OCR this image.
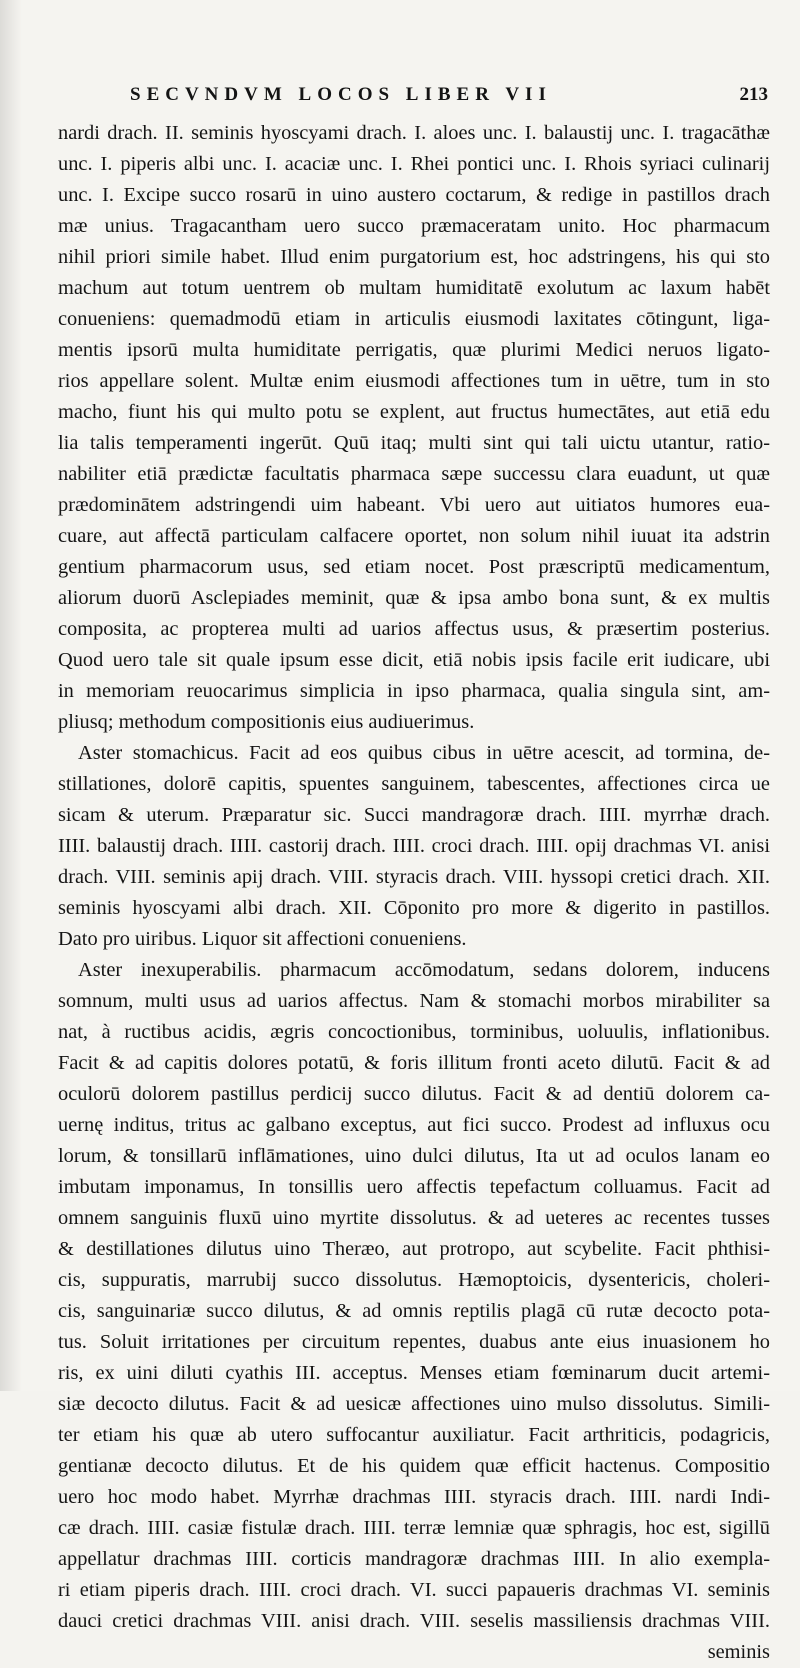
SECVNDVM LOCOS LIBER VII	213
nardi drach. II. seminis hyoscyami drach. I. aloes unc. I. balaustij unc. I. tragacāthæ
unc. I. piperis albi unc. I. acaciæ unc. I. Rhei pontici unc. I. Rhois syriaci culinarij
unc. I. Excipe succo rosarū in uino austero coctarum, & redige in pastillos drach
mæ unius. Tragacantham uero succo præmaceratam unito. Hoc pharmacum
nihil priori simile habet. Illud enim purgatorium est, hoc adstringens, his qui sto
machum aut totum uentrem ob multam humiditatē exolutum ac laxum habēt
conueniens: quemadmodū etiam in articulis eiusmodi laxitates cōtingunt, liga-
mentis ipsorū multa humiditate perrigatis, quæ plurimi Medici neruos ligato-
rios appellare solent. Multæ enim eiusmodi affectiones tum in uētre, tum in sto
macho, fiunt his qui multo potu se explent, aut fructus humectātes, aut etiā edu
lia talis temperamenti ingerūt. Quū itaq; multi sint qui tali uictu utantur, ratio-
nabiliter etiā prædictæ facultatis pharmaca sæpe successu clara euadunt, ut quæ
prædominātem adstringendi uim habeant. Vbi uero aut uitiatos humores eua-
cuare, aut affectā particulam calfacere oportet, non solum nihil iuuat ita adstrin
gentium pharmacorum usus, sed etiam nocet. Post præscriptū medicamentum,
aliorum duorū Asclepiades meminit, quæ & ipsa ambo bona sunt, & ex multis
composita, ac propterea multi ad uarios affectus usus, & præsertim posterius.
Quod uero tale sit quale ipsum esse dicit, etiā nobis ipsis facile erit iudicare, ubi
in memoriam reuocarimus simplicia in ipso pharmaca, qualia singula sint, am-
pliusq; methodum compositionis eius audiuerimus.
Aster stomachicus. Facit ad eos quibus cibus in uētre acescit, ad tormina, de-
stillationes, dolorē capitis, spuentes sanguinem, tabescentes, affectiones circa ue
sicam & uterum. Præparatur sic. Succi mandragoræ drach. IIII. myrrhæ drach.
IIII. balaustij drach. IIII. castorij drach. IIII. croci drach. IIII. opij drachmas VI. anisi
drach. VIII. seminis apij drach. VIII. styracis drach. VIII. hyssopi cretici drach. XII.
seminis hyoscyami albi drach. XII. Cōponito pro more & digerito in pastillos.
Dato pro uiribus. Liquor sit affectioni conueniens.
Aster inexuperabilis. pharmacum accōmodatum, sedans dolorem, inducens
somnum, multi usus ad uarios affectus. Nam & stomachi morbos mirabiliter sa
nat, à ructibus acidis, ægris concoctionibus, torminibus, uoluulis, inflationibus.
Facit & ad capitis dolores potatū, & foris illitum fronti aceto dilutū. Facit & ad
oculorū dolorem pastillus perdicij succo dilutus. Facit & ad dentiū dolorem ca-
uernę inditus, tritus ac galbano exceptus, aut fici succo. Prodest ad influxus ocu
lorum, & tonsillarū inflāmationes, uino dulci dilutus, Ita ut ad oculos lanam eo
imbutam imponamus, In tonsillis uero affectis tepefactum colluamus. Facit ad
omnem sanguinis fluxū uino myrtite dissolutus. & ad ueteres ac recentes tusses
& destillationes dilutus uino Theræo, aut protropo, aut scybelite. Facit phthisi-
cis, suppuratis, marrubij succo dissolutus. Hæmoptoicis, dysentericis, choleri-
cis, sanguinariæ succo dilutus, & ad omnis reptilis plagā cū rutæ decocto pota-
tus. Soluit irritationes per circuitum repentes, duabus ante eius inuasionem ho
ris, ex uini diluti cyathis III. acceptus. Menses etiam fœminarum ducit artemi-
siæ decocto dilutus. Facit & ad uesicæ affectiones uino mulso dissolutus. Simili-
ter etiam his quæ ab utero suffocantur auxiliatur. Facit arthriticis, podagricis,
gentianæ decocto dilutus. Et de his quidem quæ efficit hactenus. Compositio
uero hoc modo habet. Myrrhæ drachmas IIII. styracis drach. IIII. nardi Indi-
cæ drach. IIII. casiæ fistulæ drach. IIII. terræ lemniæ quæ sphragis, hoc est, sigillū
appellatur drachmas IIII. corticis mandragoræ drachmas IIII. In alio exempla-
ri etiam piperis drach. IIII. croci drach. VI. succi papaueris drachmas VI. seminis
dauci cretici drachmas VIII. anisi drach. VIII. seselis massiliensis drachmas VIII.
seminis
